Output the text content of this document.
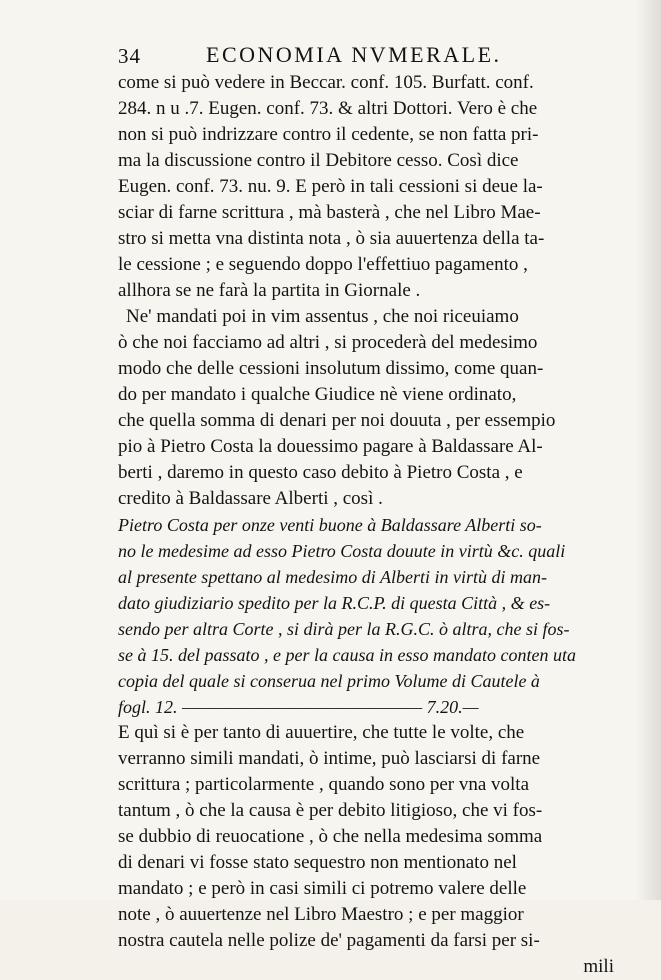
34	ECONOMIA NVMERALE.
come si può vedere in Beccar. conf. 105. Burfatt. conf.
284. n u .7. Eugen. conf. 73. & altri Dottori. Vero è che
non si può indrizzare contro il cedente, se non fatta pri-
ma la discussione contro il Debitore cesso. Così dice
Eugen. conf. 73. nu. 9. E però in tali cessioni si deue la-
sciar di farne scrittura , mà basterà , che nel Libro Mae-
stro si metta vna distinta nota , ò sia auuertenza della ta-
le cessione ; e seguendo doppo l'effettiuo pagamento ,
allhora se ne farà la partita in Giornale .
Ne' mandati poi in vim assentus , che noi riceuiamo
ò che noi facciamo ad altri , si procederà del medesimo
modo che delle cessioni insolutum dissimo, come quan-
do per mandato i qualche Giudice nè viene ordinato,
che quella somma di denari per noi douuta , per essempio
pio à Pietro Costa la douessimo pagare à Baldassare Al-
berti , daremo in questo caso debito à Pietro Costa , e
credito à Baldassare Alberti , così .
Pietro Costa per onze venti buone à Baldassare Alberti so-
no le medesime ad esso Pietro Costa douute in virtù &c. quali
al presente spettano al medesimo di Alberti in virtù di man-
dato giudiziario spedito per la R.C.P. di questa Città , & es-
sendo per altra Corte , si dirà per la R.G.C. ò altra, che si fos-
se à 15. del passato , e per la causa in esso mandato conten uta
copia del quale si conserua nel primo Volume di Cautele à
fogl. 12. ——————————————— 7.20.—
E quì si è per tanto di auuertire, che tutte le volte, che
verranno simili mandati, ò intime, può lasciarsi di farne
scrittura ; particolarmente , quando sono per vna volta
tantum , ò che la causa è per debito litigioso, che vi fos-
se dubbio di reuocatione , ò che nella medesima somma
di denari vi fosse stato sequestro non mentionato nel
mandato ; e però in casi simili ci potremo valere delle
note , ò auuertenze nel Libro Maestro ; e per maggior
nostra cautela nelle polize de' pagamenti da farsi per si-
mili
